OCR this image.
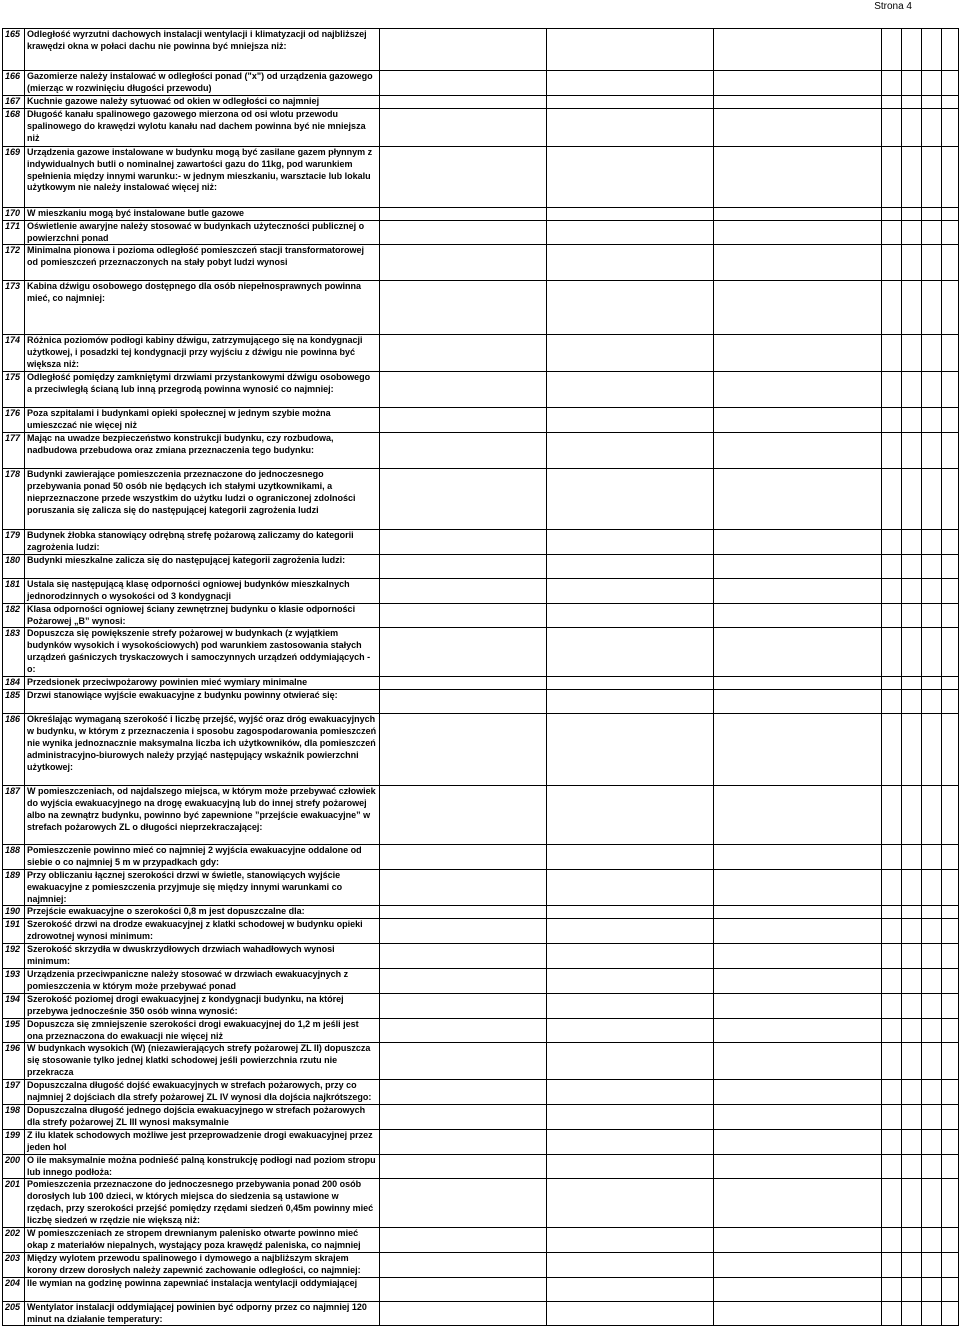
Strona 4
165	Odległość wyrzutni dachowych instalacji wentylacji i klimatyzacji od najbliższej krawędzi okna w połaci dachu nie powinna być mniejsza niż:							
166	Gazomierze należy instalować w odległości ponad ("x") od urządzenia gazowego (mierząc w rozwinięciu długości przewodu)							
167	Kuchnie gazowe należy sytuować od okien w odległości co najmniej							
168	Długość kanału spalinowego gazowego mierzona od osi wlotu przewodu spalinowego do krawędzi wylotu kanału nad dachem powinna być nie mniejsza niż							
169	Urządzenia gazowe instalowane w budynku mogą być zasilane gazem płynnym z indywidualnych butli o nominalnej zawartości gazu do 11kg, pod warunkiem spełnienia między innymi warunku:- w jednym mieszkaniu, warsztacie lub lokalu użytkowym nie należy instalować więcej niż:							
170	W mieszkaniu mogą być instalowane butle gazowe							
171	Oświetlenie awaryjne należy stosować w budynkach użyteczności publicznej o powierzchni ponad							
172	Minimalna pionowa i pozioma odległość pomieszczeń stacji transformatorowej od pomieszczeń przeznaczonych na stały pobyt ludzi wynosi							
173	Kabina dźwigu osobowego dostępnego dla osób niepełnosprawnych powinna mieć, co najmniej:							
174	Różnica poziomów podłogi kabiny dźwigu, zatrzymującego się na kondygnacji użytkowej, i posadzki tej kondygnacji przy wyjściu z dźwigu nie powinna być większa niż:							
175	Odległość pomiędzy zamkniętymi drzwiami przystankowymi dźwigu osobowego a przeciwległą ścianą lub inną przegrodą powinna wynosić co najmniej:							
176	Poza szpitalami i budynkami opieki społecznej w jednym szybie można umieszczać nie więcej niż							
177	Mając na uwadze bezpieczeństwo konstrukcji budynku, czy rozbudowa, nadbudowa przebudowa oraz zmiana przeznaczenia tego budynku:							
178	Budynki zawierające pomieszczenia przeznaczone do jednoczesnego przebywania ponad 50 osób nie będących ich stałymi uzytkownikami, a nieprzeznaczone przede wszystkim do użytku ludzi o ograniczonej zdolności poruszania się zalicza się do następującej kategorii zagrożenia ludzi							
179	Budynek żłobka stanowiący odrębną strefę pożarową zaliczamy do kategorii zagrożenia ludzi:							
180	Budynki mieszkalne zalicza się do następującej kategorii zagrożenia ludzi:							
181	Ustala się następującą klasę odporności ogniowej budynków mieszkalnych jednorodzinnych o wysokości od 3 kondygnacji							
182	Klasa odporności ogniowej ściany zewnętrznej budynku o klasie odporności Pożarowej „B” wynosi:							
183	Dopuszcza się powiększenie strefy pożarowej w budynkach (z wyjątkiem budynków wysokich i wysokościowych) pod warunkiem zastosowania stałych urządzeń gaśniczych tryskaczowych i samoczynnych urządzeń oddymiających - o:							
184	Przedsionek przeciwpożarowy powinien mieć wymiary minimalne							
185	Drzwi stanowiące wyjście ewakuacyjne z budynku powinny otwierać się:							
186	Określając wymaganą szerokość i liczbę przejść, wyjść oraz dróg ewakuacyjnych w budynku, w którym z przeznaczenia i sposobu zagospodarowania pomieszczeń nie wynika jednoznacznie maksymalna liczba ich użytkowników, dla pomieszczeń administracyjno-biurowych należy przyjąć następujący wskaźnik powierzchni użytkowej:							
187	W pomieszczeniach, od najdalszego miejsca, w którym może przebywać człowiek do wyjścia ewakuacyjnego na drogę ewakuacyjną lub do innej strefy pożarowej albo na zewnątrz budynku, powinno być zapewnione ”przejście ewakuacyjne” w strefach pożarowych ZL o długości nieprzekraczającej:							
188	Pomieszczenie powinno mieć co najmniej 2 wyjścia ewakuacyjne oddalone od siebie o co najmniej 5 m w przypadkach gdy:							
189	Przy obliczaniu łącznej szerokości drzwi w świetle, stanowiących wyjście ewakuacyjne z pomieszczenia przyjmuje się między innymi warunkami co najmniej:							
190	Przejście ewakuacyjne o szerokości 0,8 m jest dopuszczalne dla:							
191	Szerokość drzwi na drodze ewakuacyjnej z klatki schodowej w budynku opieki zdrowotnej wynosi minimum:							
192	Szerokość skrzydła w dwuskrzydłowych drzwiach wahadłowych wynosi minimum:							
193	Urządzenia przeciwpaniczne należy stosować w drzwiach ewakuacyjnych z pomieszczenia w którym może przebywać ponad							
194	Szerokość poziomej drogi ewakuacyjnej z kondygnacji budynku, na której przebywa jednocześnie 350 osób winna wynosić:							
195	Dopuszcza się zmniejszenie szerokości drogi ewakuacyjnej do 1,2 m jeśli jest ona przeznaczona do ewakuacji nie więcej niż							
196	W budynkach wysokich (W) (niezawierających strefy pożarowej ZL II) dopuszcza się stosowanie tylko jednej klatki schodowej jeśli powierzchnia rzutu nie przekracza							
197	Dopuszczalna długość dojść ewakuacyjnych w strefach pożarowych, przy co najmniej 2 dojściach dla strefy pożarowej ZL IV wynosi dla dojścia najkrótszego:							
198	Dopuszczalna długość jednego dojścia ewakuacyjnego w strefach pożarowych dla strefy pożarowej ZL III wynosi maksymalnie							
199	Z ilu klatek schodowych możliwe jest przeprowadzenie drogi ewakuacyjnej przez jeden hol							
200	O ile maksymalnie można podnieść palną konstrukcję podłogi nad poziom stropu lub innego podłoża:							
201	Pomieszczenia przeznaczone do jednoczesnego przebywania ponad 200 osób dorosłych lub 100 dzieci, w których miejsca do siedzenia są ustawione w rzędach, przy szerokości przejść pomiędzy rzędami siedzeń 0,45m powinny mieć liczbę siedzeń w rzędzie nie większą niż:							
202	W pomieszczeniach ze stropem drewnianym palenisko otwarte powinno mieć okap z materiałów niepalnych, wystający poza krawędź paleniska, co najmniej							
203	Między wylotem przewodu spalinowego i dymowego a najbliższym skrajem korony drzew dorosłych należy zapewnić zachowanie odległości, co najmniej:							
204	Ile wymian na godzinę powinna zapewniać instalacja wentylacji oddymiającej							
205	Wentylator instalacji oddymiającej powinien być odporny przez co najmniej 120 minut na działanie temperatury:							
